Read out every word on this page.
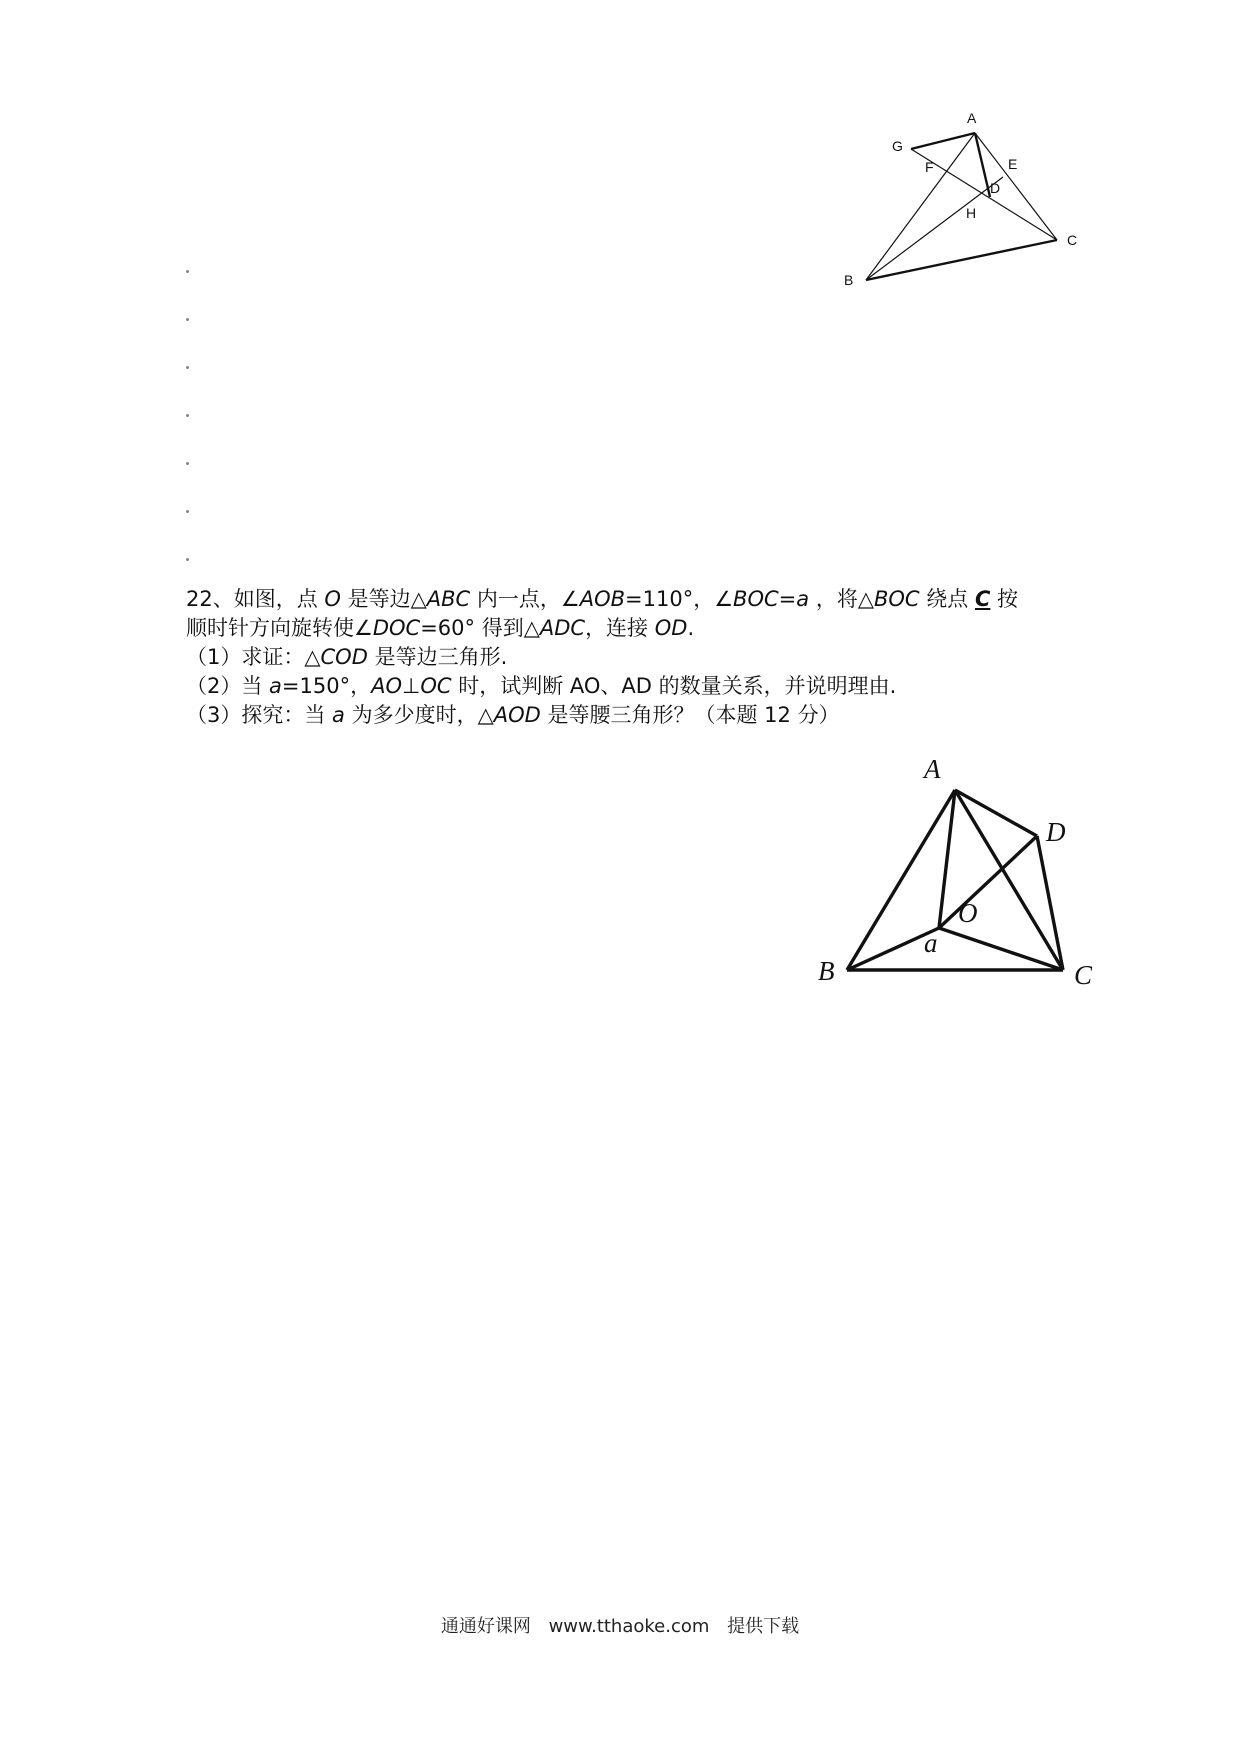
A
G
F	E
D
H
B
C

22、如图，点 O 是等边△ABC 内一点，∠AOB=110°，∠BOC=a ，将△BOC 绕点 C 按

顺时针方向旋转使∠DOC=60° 得到△ADC，连接 OD.

（1）求证：△COD 是等边三角形.

（2）当 a=150°，AO⊥OC 时，试判断 AO、AD 的数量关系，并说明理由.

（3）探究：当 a 为多少度时，△AOD 是等腰三角形？（本题 12 分）

A
D
O
a
B	C
通通好课网 www.tthaoke.com 提供下载
